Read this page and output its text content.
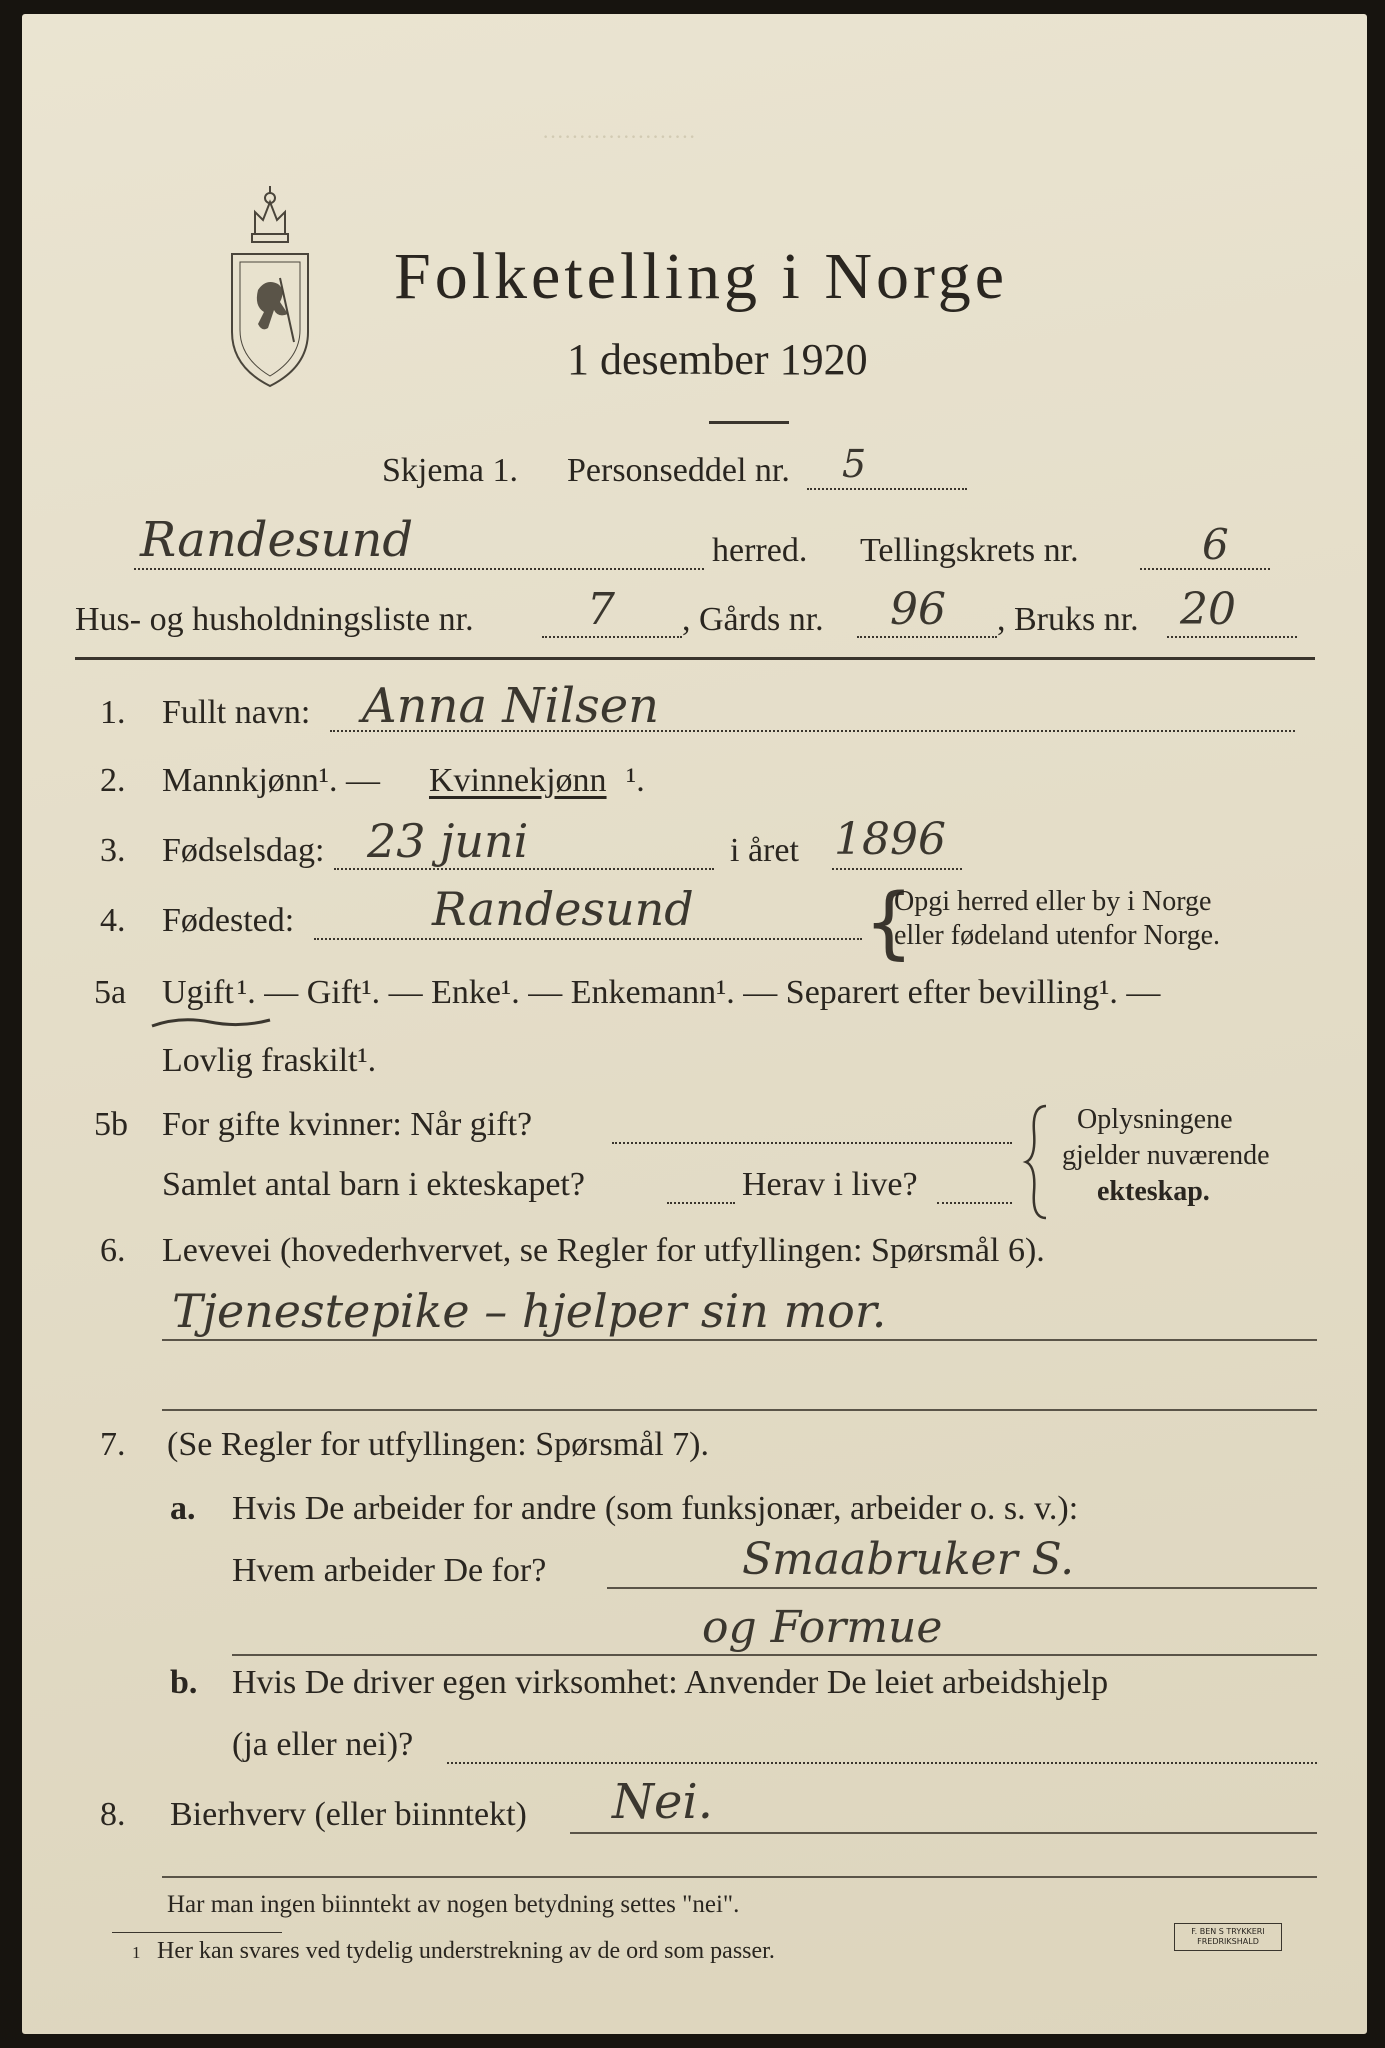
·····················
Folketelling i Norge
1 desember 1920
Skjema 1. Personseddel nr. 5
Randesund	herred. Tellingskrets nr.	6
Hus- og husholdningsliste nr.	7 , Gårds nr. 96 , Bruks nr. 20
1. Fullt navn: Anna Nilsen
2. Mannkjønn¹. — Kvinnekjønn ¹.
3. Fødselsdag: 23 juni	i året 1896
4. Fødested:	Randesund {
Opgi herred eller by i Norge
eller fødeland utenfor Norge.
5a Ugift ¹. — Gift¹. — Enke¹. — Enkemann¹. — Separert efter bevilling¹. —
Lovlig fraskilt¹.
5b For gifte kvinner: Når gift?
Samlet antal barn i ekteskapet?	Herav i live?
Oplysningene
gjelder nuværende
ekteskap.
6. Levevei (hovederhvervet, se Regler for utfyllingen: Spørsmål 6).
Tjenestepike – hjelper sin mor.
7. (Se Regler for utfyllingen: Spørsmål 7).
a. Hvis De arbeider for andre (som funksjonær, arbeider o. s. v.):
Hvem arbeider De for?	Smaabruker S.
og Formue
b. Hvis De driver egen virksomhet: Anvender De leiet arbeidshjelp
(ja eller nei)?
8. Bierhverv (eller biinntekt) Nei.
Har man ingen biinntekt av nogen betydning settes "nei".
1 Her kan svares ved tydelig understrekning av de ord som passer.
F. BEN S TRYKKERI FREDRIKSHALD
